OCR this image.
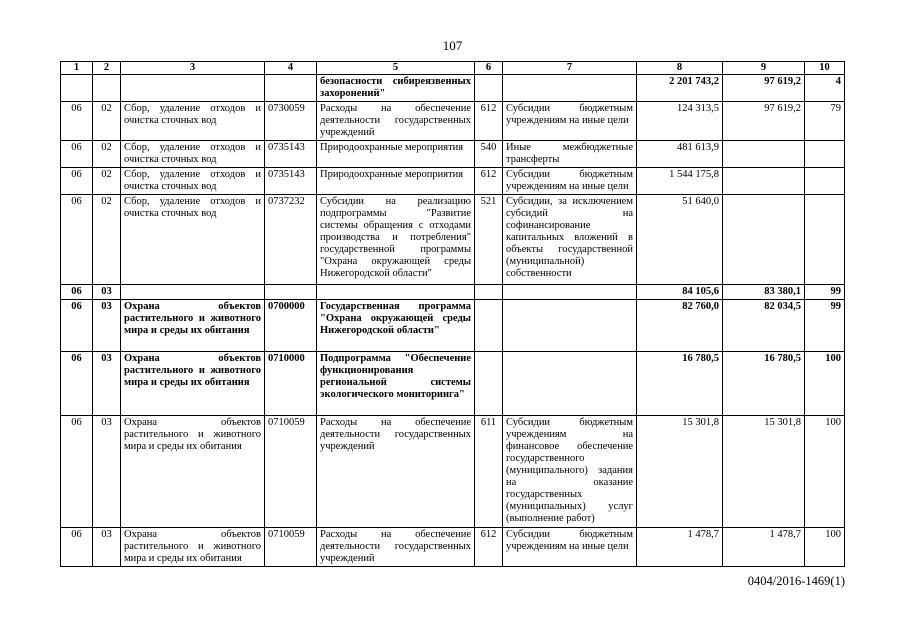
107
1	2	3	4	5	6	7	8	9	10
				безопасности сибиреязвенных захоронений"			2 201 743,2	97 619,2	4
06	02	Сбор, удаление отходов и очистка сточных вод	0730059	Расходы на обеспечение деятельности государственных учреждений	612	Субсидии бюджетным учреждениям на иные цели	124 313,5	97 619,2	79
06	02	Сбор, удаление отходов и очистка сточных вод	0735143	Природоохранные мероприятия	540	Иные межбюджетные трансферты	481 613,9		
06	02	Сбор, удаление отходов и очистка сточных вод	0735143	Природоохранные мероприятия	612	Субсидии бюджетным учреждениям на иные цели	1 544 175,8		
06	02	Сбор, удаление отходов и очистка сточных вод	0737232	Субсидии на реализацию подпрограммы "Развитие системы обращения с отходами производства и потребления" государственной программы "Охрана окружающей среды Нижегородской области"	521	Субсидии, за исключением субсидий на софинансирование капитальных вложений в объекты государственной (муниципальной) собственности	51 640,0		
06	03						84 105,6	83 380,1	99
06	03	Охрана объектов растительного и животного мира и среды их обитания	0700000	Государственная программа "Охрана окружающей среды Нижегородской области"			82 760,0	82 034,5	99
06	03	Охрана объектов растительного и животного мира и среды их обитания	0710000	Подпрограмма "Обеспечение функционирования региональной системы экологического мониторинга"			16 780,5	16 780,5	100
06	03	Охрана объектов растительного и животного мира и среды их обитания	0710059	Расходы на обеспечение деятельности государственных учреждений	611	Субсидии бюджетным учреждениям на финансовое обеспечение государственного (муниципального) задания на оказание государственных (муниципальных) услуг (выполнение работ)	15 301,8	15 301,8	100
06	03	Охрана объектов растительного и животного мира и среды их обитания	0710059	Расходы на обеспечение деятельности государственных учреждений	612	Субсидии бюджетным учреждениям на иные цели	1 478,7	1 478,7	100
0404/2016-1469(1)
